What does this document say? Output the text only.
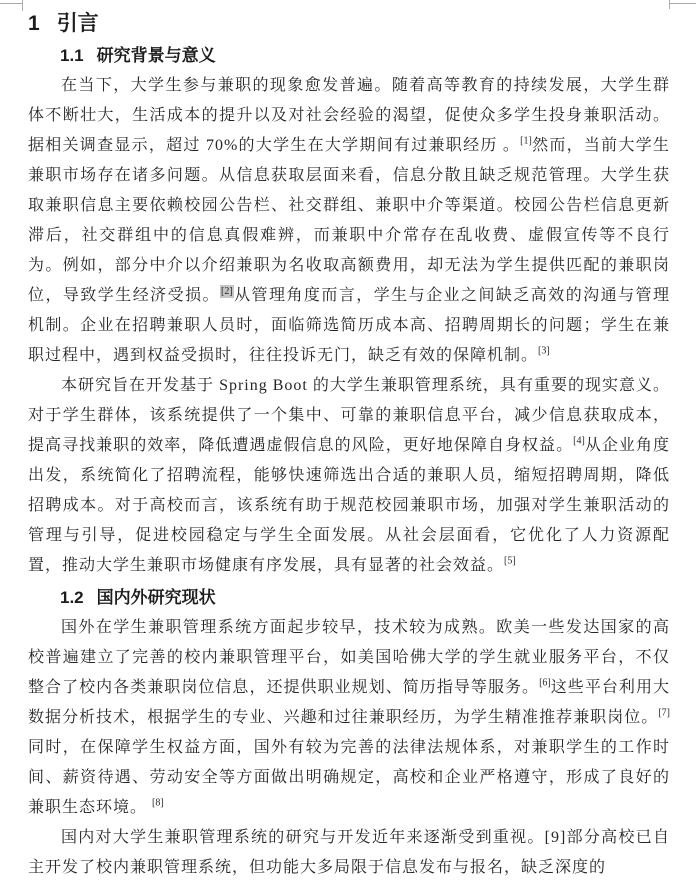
1 引言
1.1 研究背景与意义

在当下，大学生参与兼职的现象愈发普遍。随着高等教育的持续发展，大学生群体不断壮大，生活成本的提升以及对社会经验的渴望，促使众多学生投身兼职活动。据相关调查显示，超过 70%的大学生在大学期间有过兼职经历 。[1]然而，当前大学生兼职市场存在诸多问题。从信息获取层面来看，信息分散且缺乏规范管理。大学生获取兼职信息主要依赖校园公告栏、社交群组、兼职中介等渠道。校园公告栏信息更新滞后，社交群组中的信息真假难辨，而兼职中介常存在乱收费、虚假宣传等不良行为。例如，部分中介以介绍兼职为名收取高额费用，却无法为学生提供匹配的兼职岗位，导致学生经济受损。[2]从管理角度而言，学生与企业之间缺乏高效的沟通与管理机制。企业在招聘兼职人员时，面临筛选简历成本高、招聘周期长的问题；学生在兼职过程中，遇到权益受损时，往往投诉无门，缺乏有效的保障机制。[3]

本研究旨在开发基于 Spring Boot 的大学生兼职管理系统，具有重要的现实意义。对于学生群体，该系统提供了一个集中、可靠的兼职信息平台，减少信息获取成本，提高寻找兼职的效率，降低遭遇虚假信息的风险，更好地保障自身权益。[4]从企业角度出发，系统简化了招聘流程，能够快速筛选出合适的兼职人员，缩短招聘周期，降低招聘成本。对于高校而言，该系统有助于规范校园兼职市场，加强对学生兼职活动的管理与引导，促进校园稳定与学生全面发展。从社会层面看，它优化了人力资源配置，推动大学生兼职市场健康有序发展，具有显著的社会效益。[5]

1.2 国内外研究现状

国外在学生兼职管理系统方面起步较早，技术较为成熟。欧美一些发达国家的高校普遍建立了完善的校内兼职管理平台，如美国哈佛大学的学生就业服务平台，不仅整合了校内各类兼职岗位信息，还提供职业规划、简历指导等服务。[6]这些平台利用大数据分析技术，根据学生的专业、兴趣和过往兼职经历，为学生精准推荐兼职岗位。[7]同时，在保障学生权益方面，国外有较为完善的法律法规体系，对兼职学生的工作时间、薪资待遇、劳动安全等方面做出明确规定，高校和企业严格遵守，形成了良好的兼职生态环境。 [8]

国内对大学生兼职管理系统的研究与开发近年来逐渐受到重视。[9]部分高校已自主开发了校内兼职管理系统，但功能大多局限于信息发布与报名，缺乏深度的
